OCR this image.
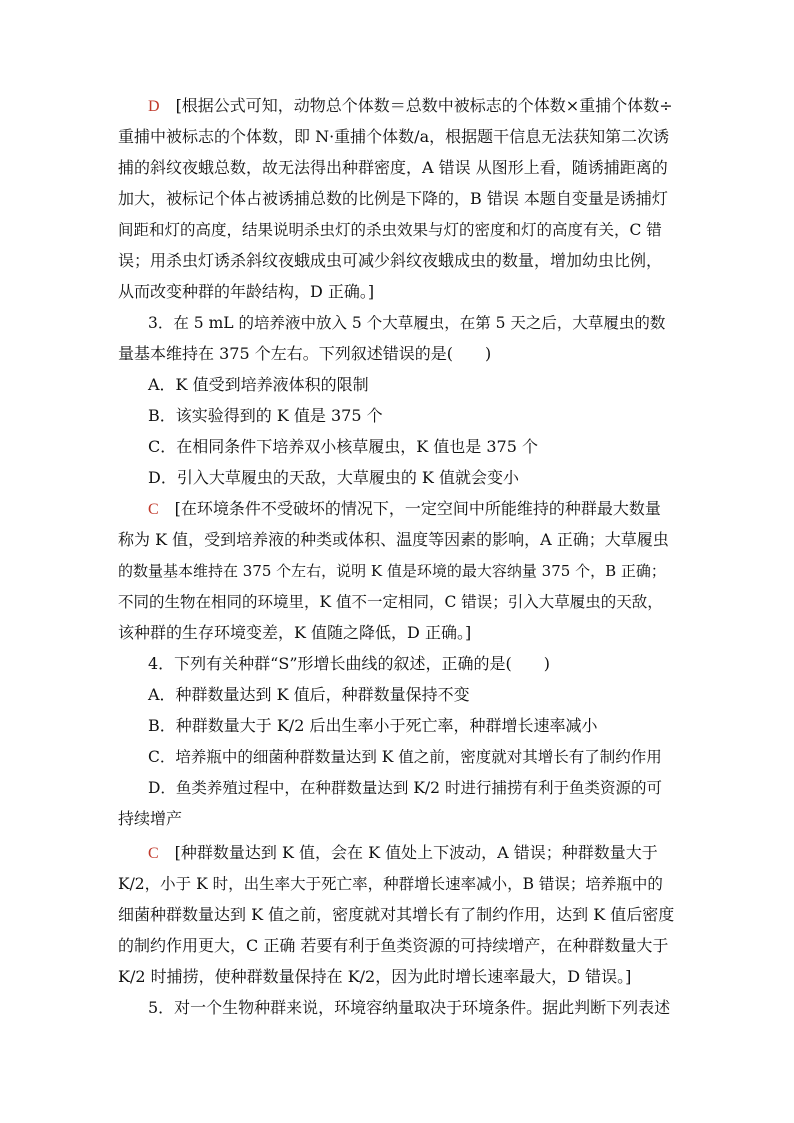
D [根据公式可知，动物总个体数＝总数中被标志的个体数×重捕个体数÷
重捕中被标志的个体数，即 N·重捕个体数/a，根据题干信息无法获知第二次诱
捕的斜纹夜蛾总数，故无法得出种群密度，A 错误 从图形上看，随诱捕距离的
加大，被标记个体占被诱捕总数的比例是下降的，B 错误 本题自变量是诱捕灯
间距和灯的高度，结果说明杀虫灯的杀虫效果与灯的密度和灯的高度有关，C 错
误；用杀虫灯诱杀斜纹夜蛾成虫可减少斜纹夜蛾成虫的数量，增加幼虫比例，
从而改变种群的年龄结构，D 正确。]
3．在 5 mL 的培养液中放入 5 个大草履虫，在第 5 天之后，大草履虫的数
量基本维持在 375 个左右。下列叙述错误的是(　　)
A．K 值受到培养液体积的限制
B．该实验得到的 K 值是 375 个
C．在相同条件下培养双小核草履虫，K 值也是 375 个
D．引入大草履虫的天敌，大草履虫的 K 值就会变小
C [在环境条件不受破坏的情况下，一定空间中所能维持的种群最大数量
称为 K 值，受到培养液的种类或体积、温度等因素的影响，A 正确；大草履虫
的数量基本维持在 375 个左右，说明 K 值是环境的最大容纳量 375 个，B 正确；
不同的生物在相同的环境里，K 值不一定相同，C 错误；引入大草履虫的天敌，
该种群的生存环境变差，K 值随之降低，D 正确。]
4．下列有关种群“S”形增长曲线的叙述，正确的是(　　)
A．种群数量达到 K 值后，种群数量保持不变
B．种群数量大于 K/2 后出生率小于死亡率，种群增长速率减小
C．培养瓶中的细菌种群数量达到 K 值之前，密度就对其增长有了制约作用
D．鱼类养殖过程中，在种群数量达到 K/2 时进行捕捞有利于鱼类资源的可
持续增产
C [种群数量达到 K 值，会在 K 值处上下波动，A 错误；种群数量大于
K/2，小于 K 时，出生率大于死亡率，种群增长速率减小，B 错误；培养瓶中的
细菌种群数量达到 K 值之前，密度就对其增长有了制约作用，达到 K 值后密度
的制约作用更大，C 正确 若要有利于鱼类资源的可持续增产，在种群数量大于
K/2 时捕捞，使种群数量保持在 K/2，因为此时增长速率最大，D 错误。]
5．对一个生物种群来说，环境容纳量取决于环境条件。据此判断下列表述
